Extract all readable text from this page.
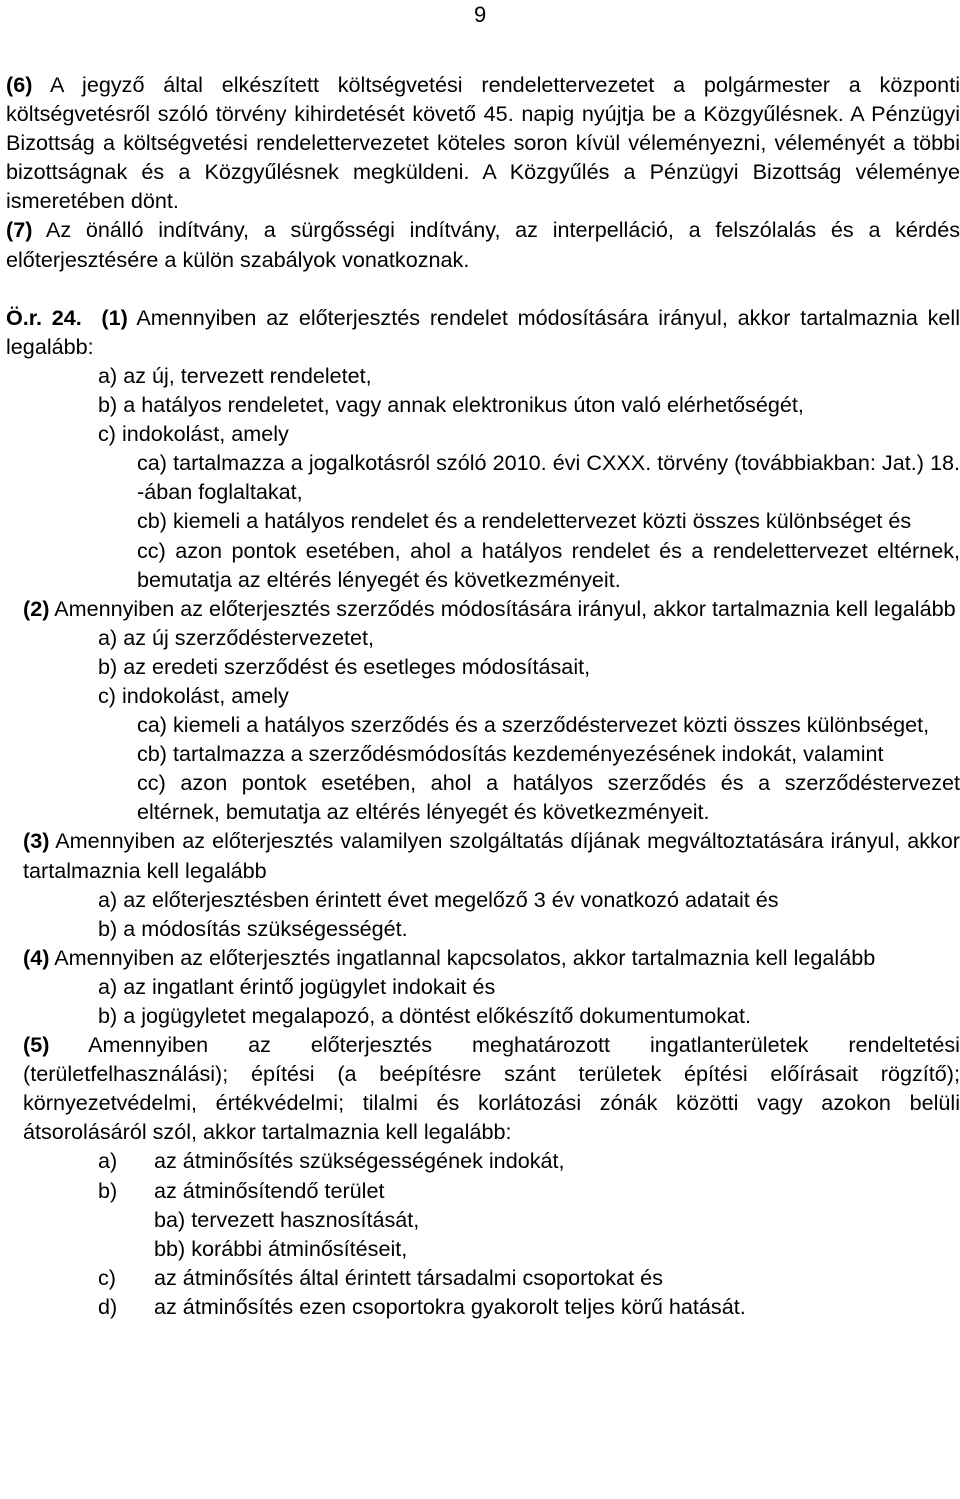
9

(6) A jegyző által elkészített költségvetési rendelettervezetet a polgármester a központi költségvetésről szóló törvény kihirdetését követő 45. napig nyújtja be a Közgyűlésnek. A Pénzügyi Bizottság a költségvetési rendelettervezetet köteles soron kívül véleményezni, véleményét a többi bizottságnak és a Közgyűlésnek megküldeni. A Közgyűlés a Pénzügyi Bizottság véleménye ismeretében dönt.

(7) Az önálló indítvány, a sürgősségi indítvány, az interpelláció, a felszólalás és a kérdés előterjesztésére a külön szabályok vonatkoznak.

Ö.r. 24. (1) Amennyiben az előterjesztés rendelet módosítására irányul, akkor tartalmaznia kell legalább:

a) az új, tervezett rendeletet,

b) a hatályos rendeletet, vagy annak elektronikus úton való elérhetőségét,

c) indokolást, amely

ca) tartalmazza a jogalkotásról szóló 2010. évi CXXX. törvény (továbbiakban: Jat.) 18. -ában foglaltakat,

cb) kiemeli a hatályos rendelet és a rendelettervezet közti összes különbséget és

cc) azon pontok esetében, ahol a hatályos rendelet és a rendelettervezet eltérnek, bemutatja az eltérés lényegét és következményeit.

(2) Amennyiben az előterjesztés szerződés módosítására irányul, akkor tartalmaznia kell legalább

a) az új szerződéstervezetet,

b) az eredeti szerződést és esetleges módosításait,

c) indokolást, amely

ca) kiemeli a hatályos szerződés és a szerződéstervezet közti összes különbséget,

cb) tartalmazza a szerződésmódosítás kezdeményezésének indokát, valamint

cc) azon pontok esetében, ahol a hatályos szerződés és a szerződéstervezet eltérnek, bemutatja az eltérés lényegét és következményeit.

(3) Amennyiben az előterjesztés valamilyen szolgáltatás díjának megváltoztatására irányul, akkor tartalmaznia kell legalább

a) az előterjesztésben érintett évet megelőző 3 év vonatkozó adatait és

b) a módosítás szükségességét.

(4) Amennyiben az előterjesztés ingatlannal kapcsolatos, akkor tartalmaznia kell legalább

a) az ingatlant érintő jogügylet indokait és

b) a jogügyletet megalapozó, a döntést előkészítő dokumentumokat.

(5) Amennyiben az előterjesztés meghatározott ingatlanterületek rendeltetési (területfelhasználási); építési (a beépítésre szánt területek építési előírásait rögzítő); környezetvédelmi, értékvédelmi; tilalmi és korlátozási zónák közötti vagy azokon belüli átsorolásáról szól, akkor tartalmaznia kell legalább:

a) az átminősítés szükségességének indokát,

b) az átminősítendő terület

ba) tervezett hasznosítását,

bb) korábbi átminősítéseit,

c) az átminősítés által érintett társadalmi csoportokat és

d) az átminősítés ezen csoportokra gyakorolt teljes körű hatását.
